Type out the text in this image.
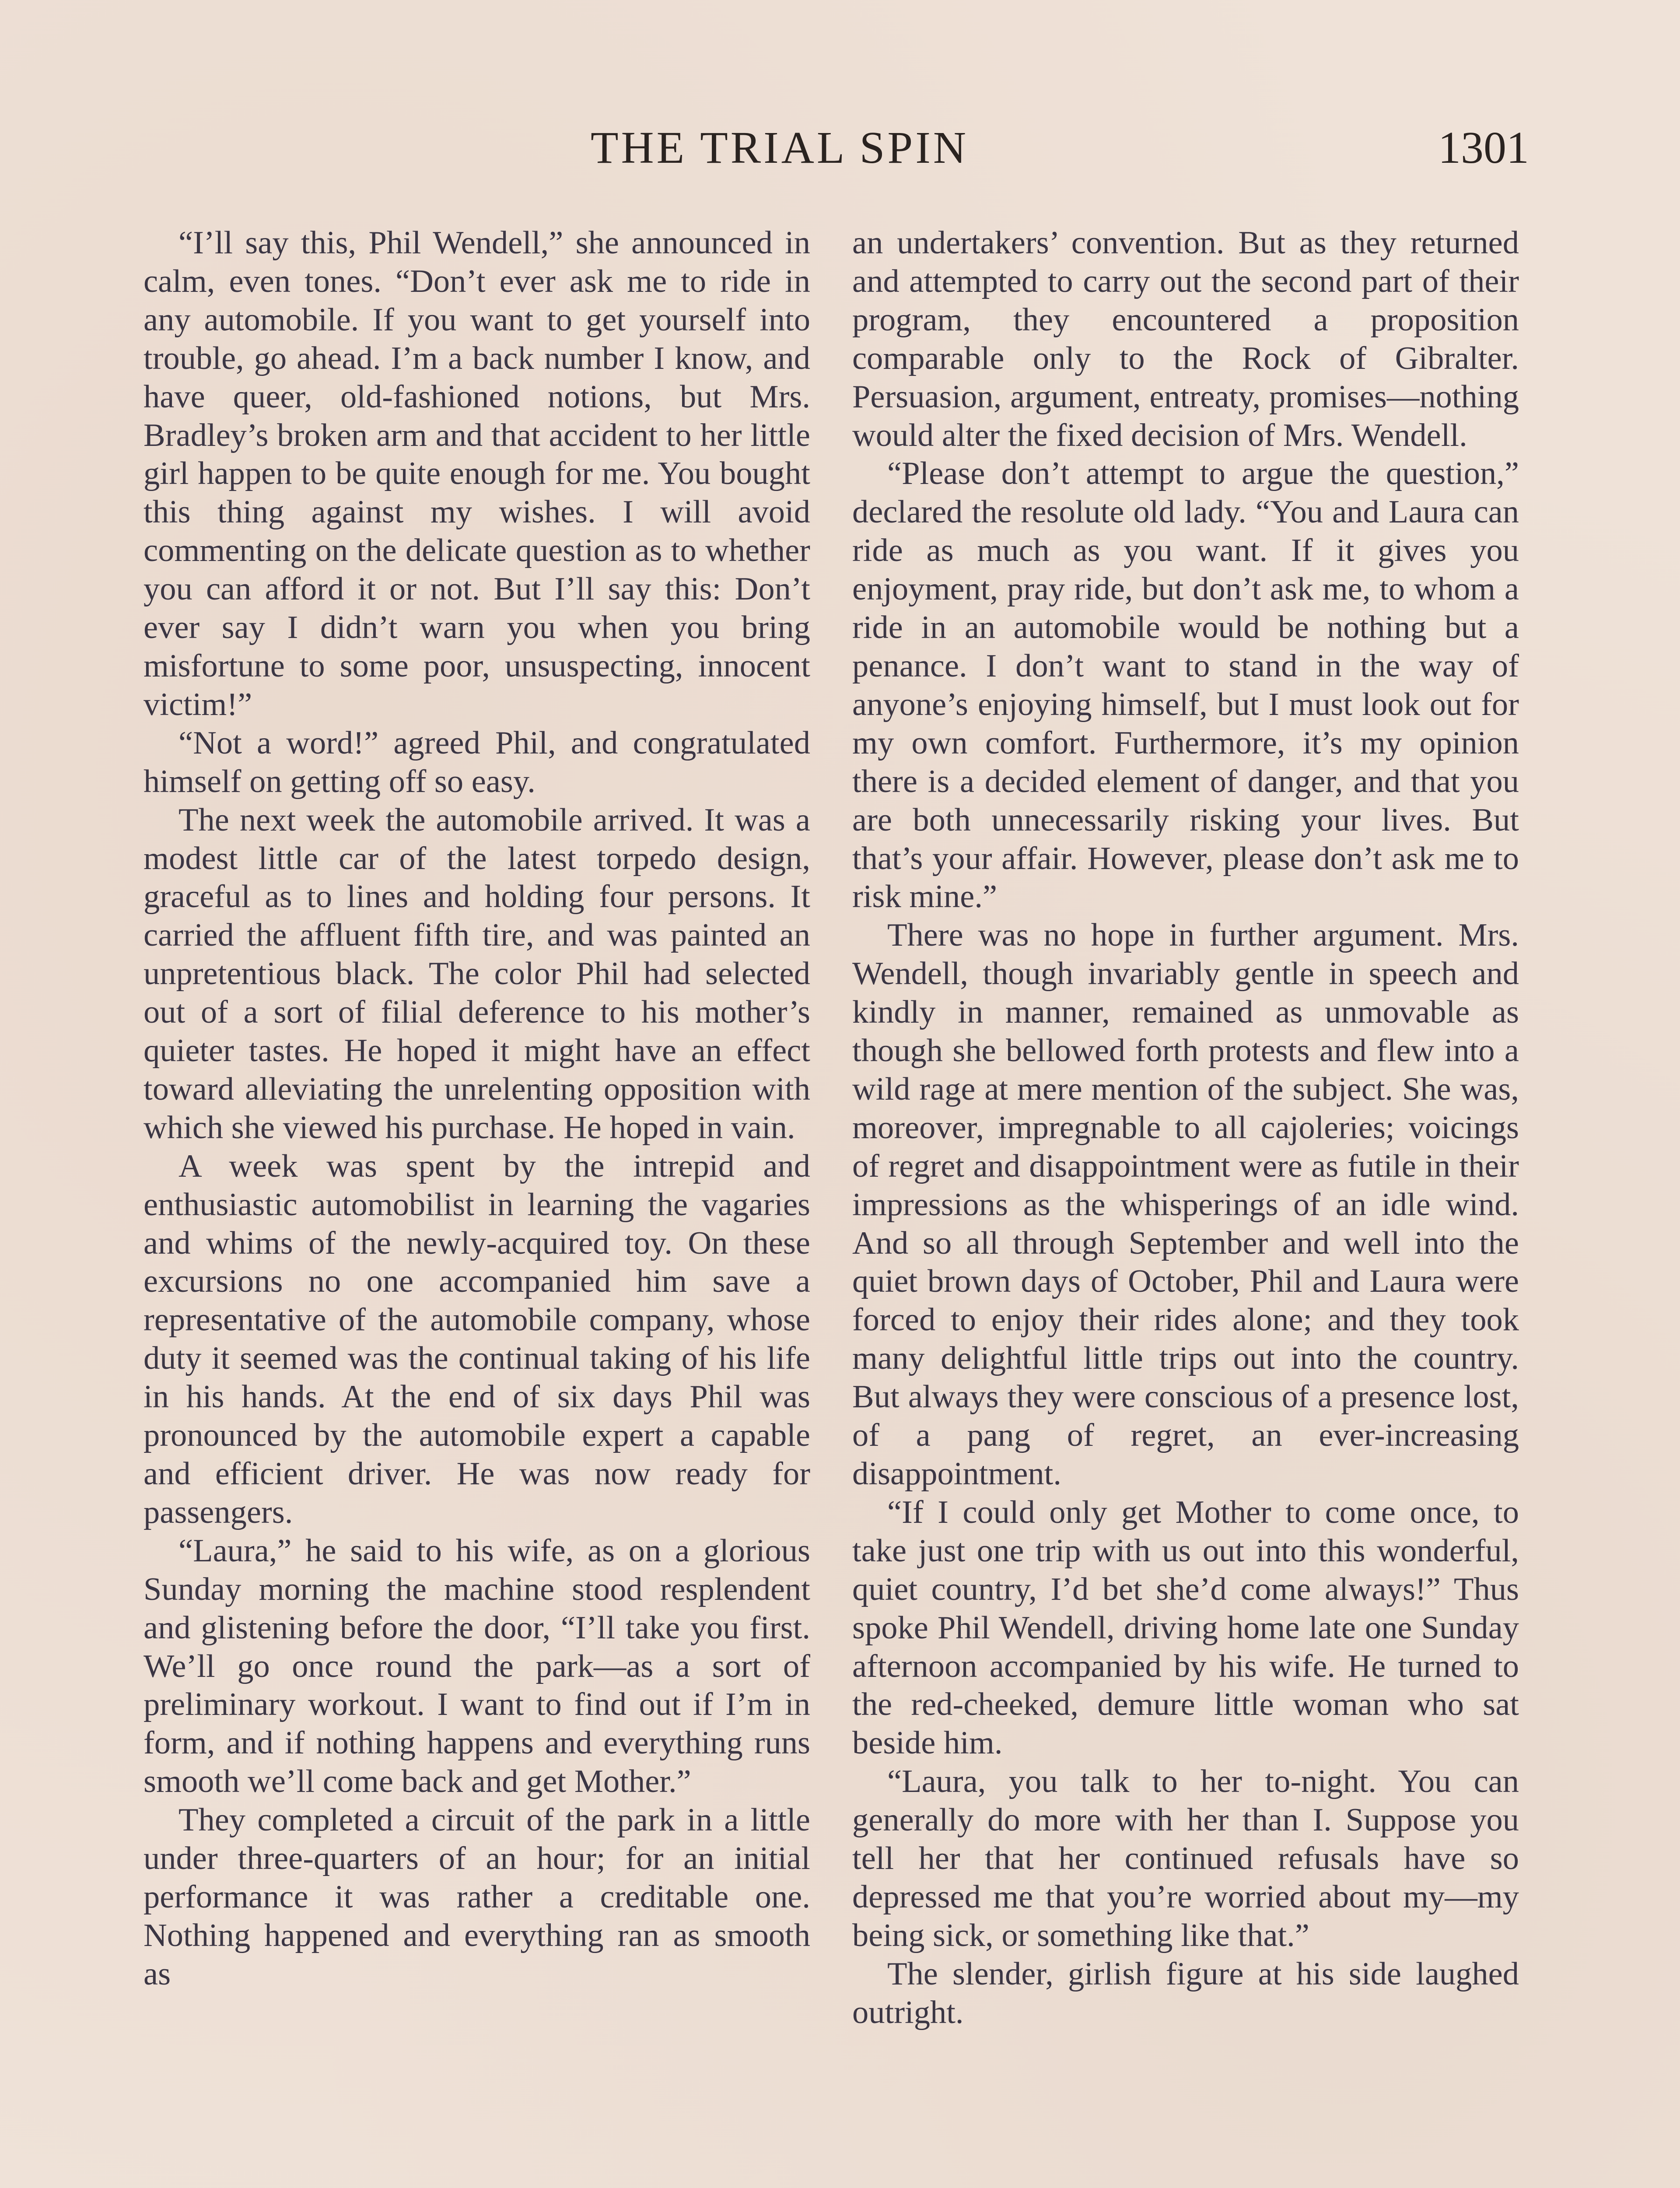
THE TRIAL SPIN	1301

“I’ll say this, Phil Wendell,” she announced in calm, even tones. “Don’t ever ask me to ride in any automobile. If you want to get yourself into trouble, go ahead. I’m a back number I know, and have queer, old-fashioned notions, but Mrs. Bradley’s broken arm and that accident to her little girl happen to be quite enough for me. You bought this thing against my wishes. I will avoid commenting on the delicate question as to whether you can afford it or not. But I’ll say this: Don’t ever say I didn’t warn you when you bring misfortune to some poor, unsuspecting, innocent victim!”

“Not a word!” agreed Phil, and congratulated himself on getting off so easy.

The next week the automobile arrived. It was a modest little car of the latest torpedo design, graceful as to lines and holding four persons. It carried the affluent fifth tire, and was painted an unpretentious black. The color Phil had selected out of a sort of filial deference to his mother’s quieter tastes. He hoped it might have an effect toward alleviating the unrelenting opposition with which she viewed his purchase. He hoped in vain.

A week was spent by the intrepid and enthusiastic automobilist in learning the vagaries and whims of the newly-acquired toy. On these excursions no one accompanied him save a representative of the automobile company, whose duty it seemed was the continual taking of his life in his hands. At the end of six days Phil was pronounced by the automobile expert a capable and efficient driver. He was now ready for passengers.

“Laura,” he said to his wife, as on a glorious Sunday morning the machine stood resplendent and glistening before the door, “I’ll take you first. We’ll go once round the park—as a sort of preliminary workout. I want to find out if I’m in form, and if nothing happens and everything runs smooth we’ll come back and get Mother.”

They completed a circuit of the park in a little under three-quarters of an hour; for an initial performance it was rather a creditable one. Nothing happened and everything ran as smooth as

an undertakers’ convention. But as they returned and attempted to carry out the second part of their program, they encountered a proposition comparable only to the Rock of Gibralter. Persuasion, argument, entreaty, promises—nothing would alter the fixed decision of Mrs. Wendell.

“Please don’t attempt to argue the question,” declared the resolute old lady. “You and Laura can ride as much as you want. If it gives you enjoyment, pray ride, but don’t ask me, to whom a ride in an automobile would be nothing but a penance. I don’t want to stand in the way of anyone’s enjoying himself, but I must look out for my own comfort. Furthermore, it’s my opinion there is a decided element of danger, and that you are both unnecessarily risking your lives. But that’s your affair. However, please don’t ask me to risk mine.”

There was no hope in further argument. Mrs. Wendell, though invariably gentle in speech and kindly in manner, remained as unmovable as though she bellowed forth protests and flew into a wild rage at mere mention of the subject. She was, moreover, impregnable to all cajoleries; voicings of regret and disappointment were as futile in their impressions as the whisperings of an idle wind. And so all through September and well into the quiet brown days of October, Phil and Laura were forced to enjoy their rides alone; and they took many delightful little trips out into the country. But always they were conscious of a presence lost, of a pang of regret, an ever-increasing disappointment.

“If I could only get Mother to come once, to take just one trip with us out into this wonderful, quiet country, I’d bet she’d come always!” Thus spoke Phil Wendell, driving home late one Sunday afternoon accompanied by his wife. He turned to the red-cheeked, demure little woman who sat beside him.

“Laura, you talk to her to-night. You can generally do more with her than I. Suppose you tell her that her continued refusals have so depressed me that you’re worried about my—my being sick, or something like that.”

The slender, girlish figure at his side laughed outright.
